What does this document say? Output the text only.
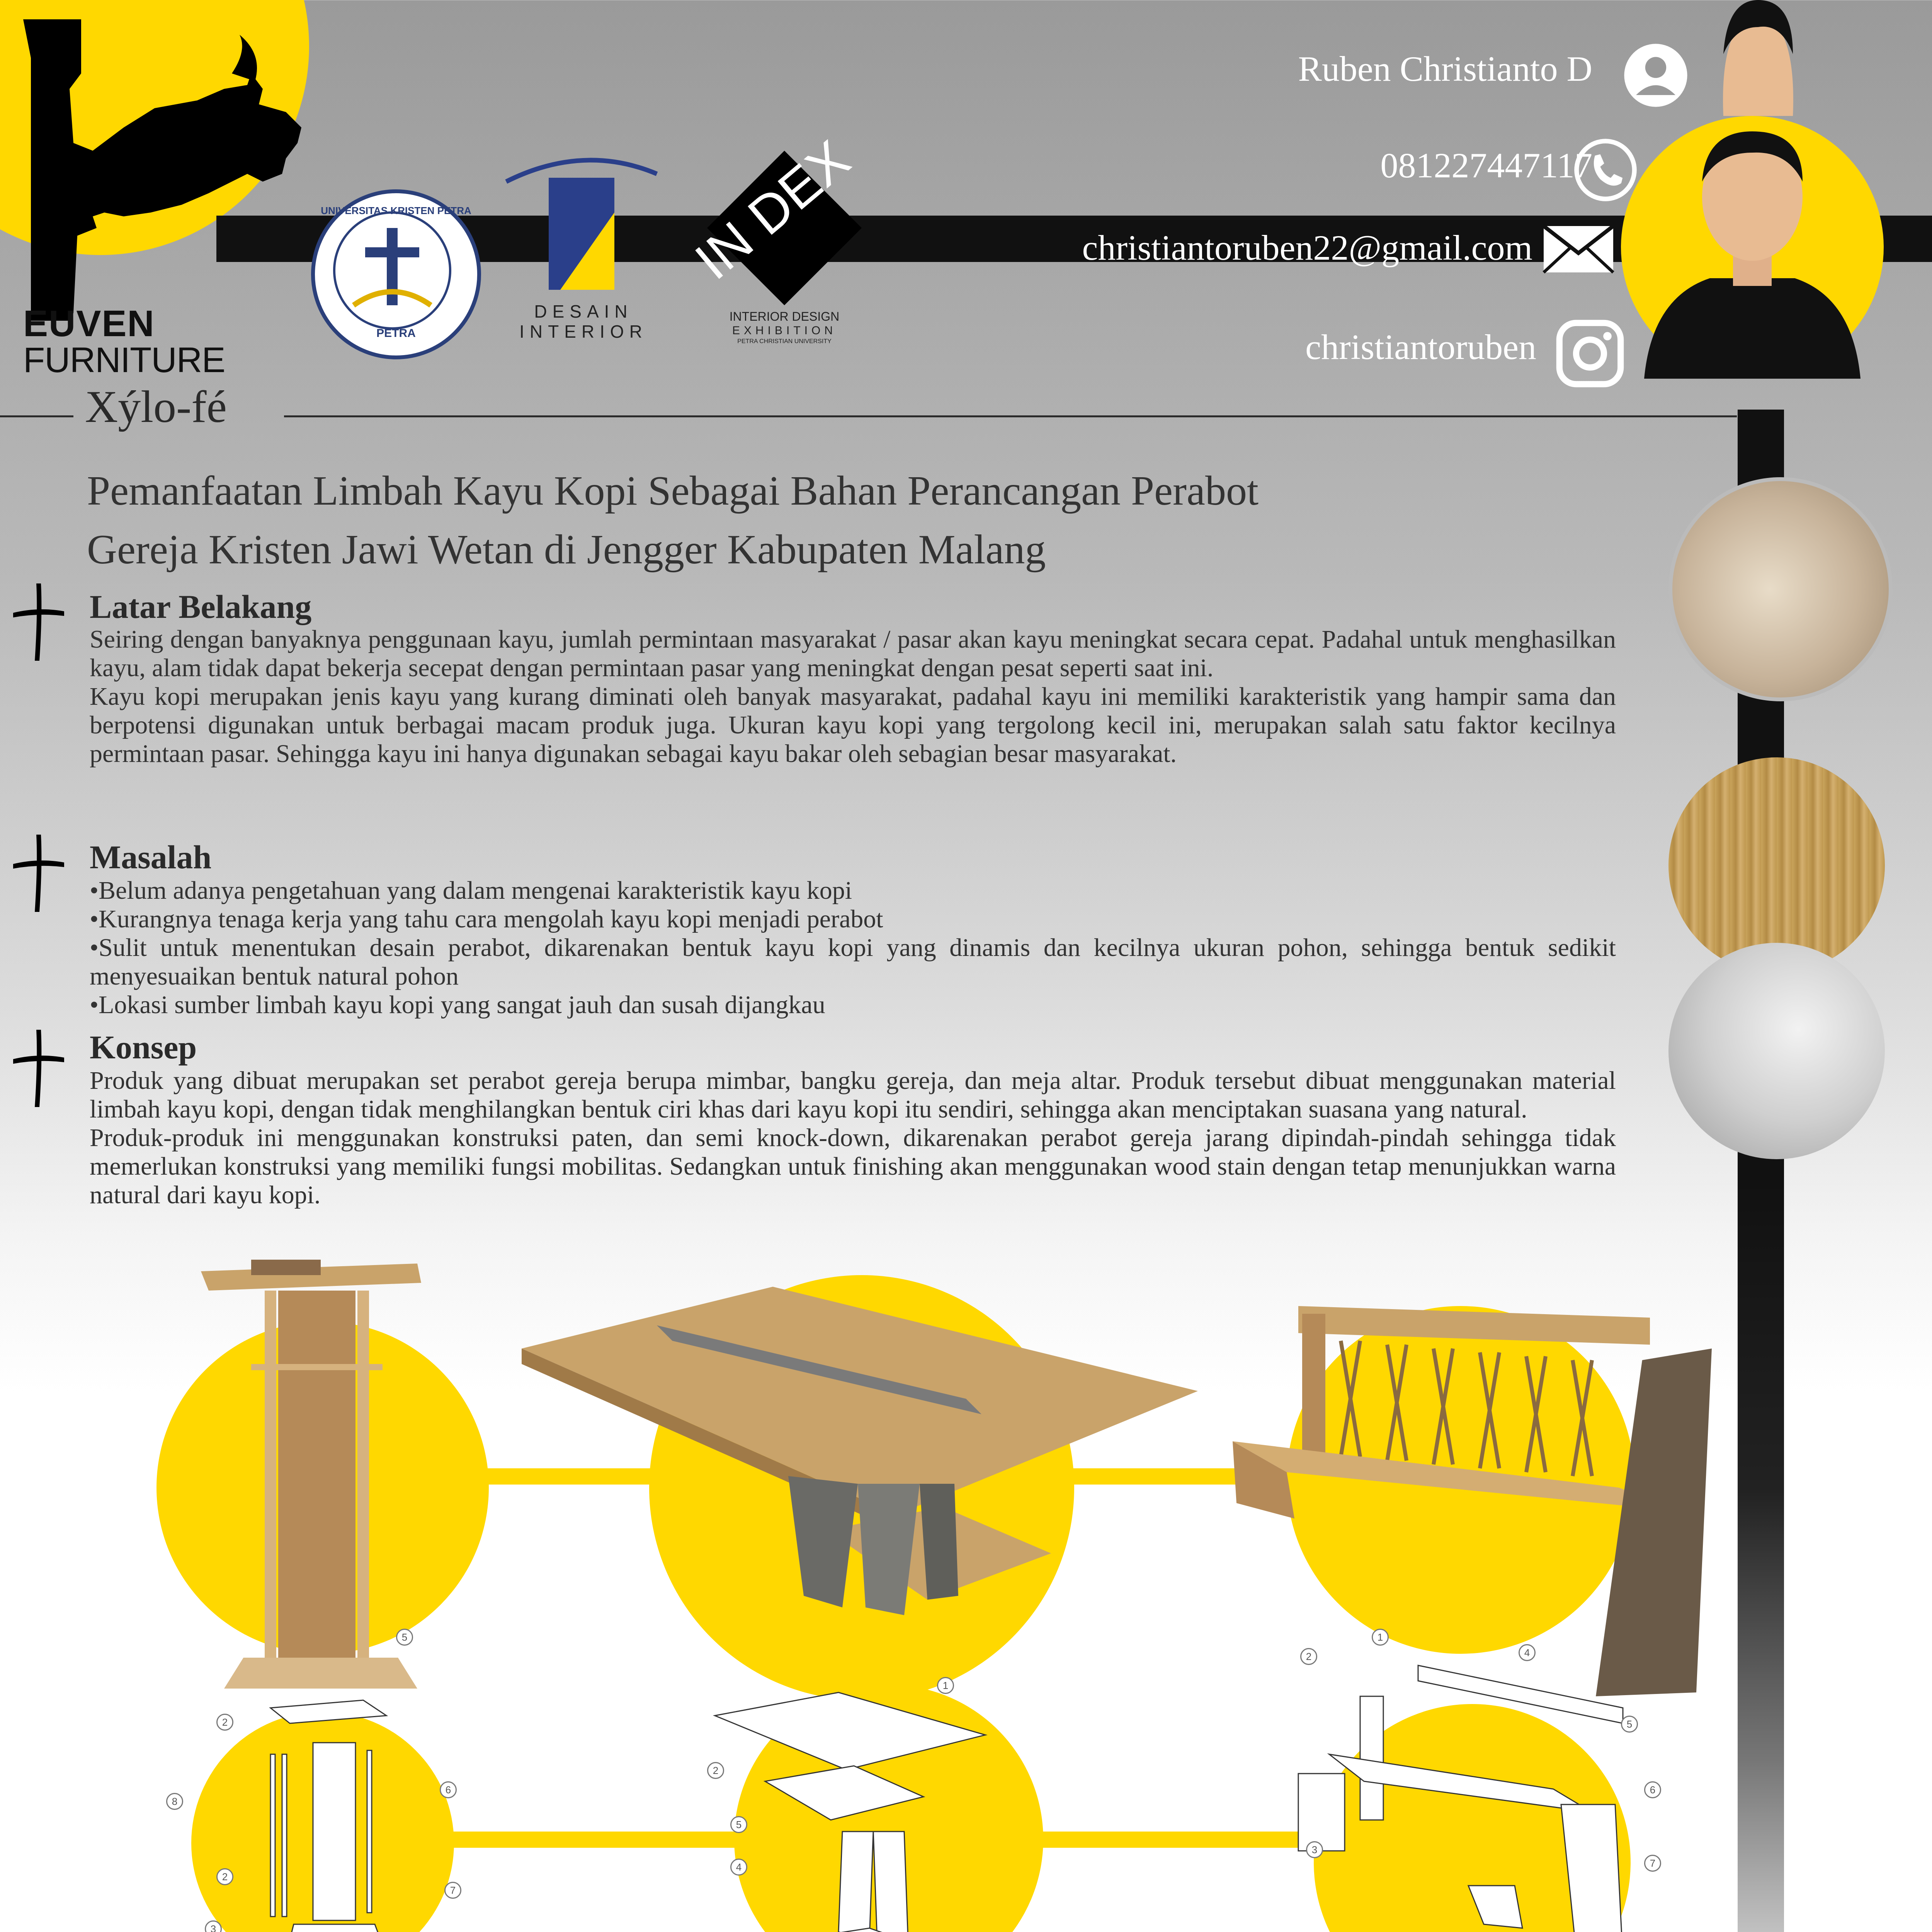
EUVEN
FURNITURE
UNIVERSITAS KRISTEN PETRA
PETRA
DESAIN INTERIOR
IN DEX
INTERIOR DESIGN
EXHIBITION
PETRA CHRISTIAN UNIVERSITY
Ruben Christianto D
081227447117
christiantoruben22@gmail.com
christiantoruben
Xýlo-fé
Pemanfaatan Limbah Kayu Kopi Sebagai Bahan Perancangan Perabot
Gereja Kristen Jawi Wetan di Jengger Kabupaten Malang
Latar Belakang
Seiring dengan banyaknya penggunaan kayu, jumlah permintaan masyarakat / pasar akan kayu meningkat secara cepat. Padahal untuk menghasilkan kayu, alam tidak dapat bekerja secepat dengan permintaan pasar yang meningkat dengan pesat seperti saat ini.
Kayu kopi merupakan jenis kayu yang kurang diminati oleh banyak masyarakat, padahal kayu ini memiliki karakteristik yang hampir sama dan berpotensi digunakan untuk berbagai macam produk juga. Ukuran kayu kopi yang tergolong kecil ini, merupakan salah satu faktor kecilnya permintaan pasar. Sehingga kayu ini hanya digunakan sebagai kayu bakar oleh sebagian besar masyarakat.
Masalah
•Belum adanya pengetahuan yang dalam mengenai karakteristik kayu kopi
•Kurangnya tenaga kerja yang tahu cara mengolah kayu kopi menjadi perabot
•Sulit untuk menentukan desain perabot, dikarenakan bentuk kayu kopi yang dinamis dan kecilnya ukuran pohon, sehingga bentuk sedikit menyesuaikan bentuk natural pohon
•Lokasi sumber limbah kayu kopi yang sangat jauh dan susah dijangkau
Konsep
Produk yang dibuat merupakan set perabot gereja berupa mimbar, bangku gereja, dan meja altar. Produk tersebut dibuat menggunakan material limbah kayu kopi, dengan tidak menghilangkan bentuk ciri khas dari kayu kopi itu sendiri, sehingga akan menciptakan suasana yang natural.
Produk-produk ini menggunakan konstruksi paten, dan semi knock-down, dikarenakan perabot gereja jarang dipindah-pindah sehingga tidak memerlukan konstruksi yang memiliki fungsi mobilitas. Sedangkan untuk finishing akan menggunakan wood stain dengan tetap menunjukkan warna natural dari kayu kopi.
5
2
8
6
2
7
3
1
2
5
4
2
1
4
5
6
7
3
